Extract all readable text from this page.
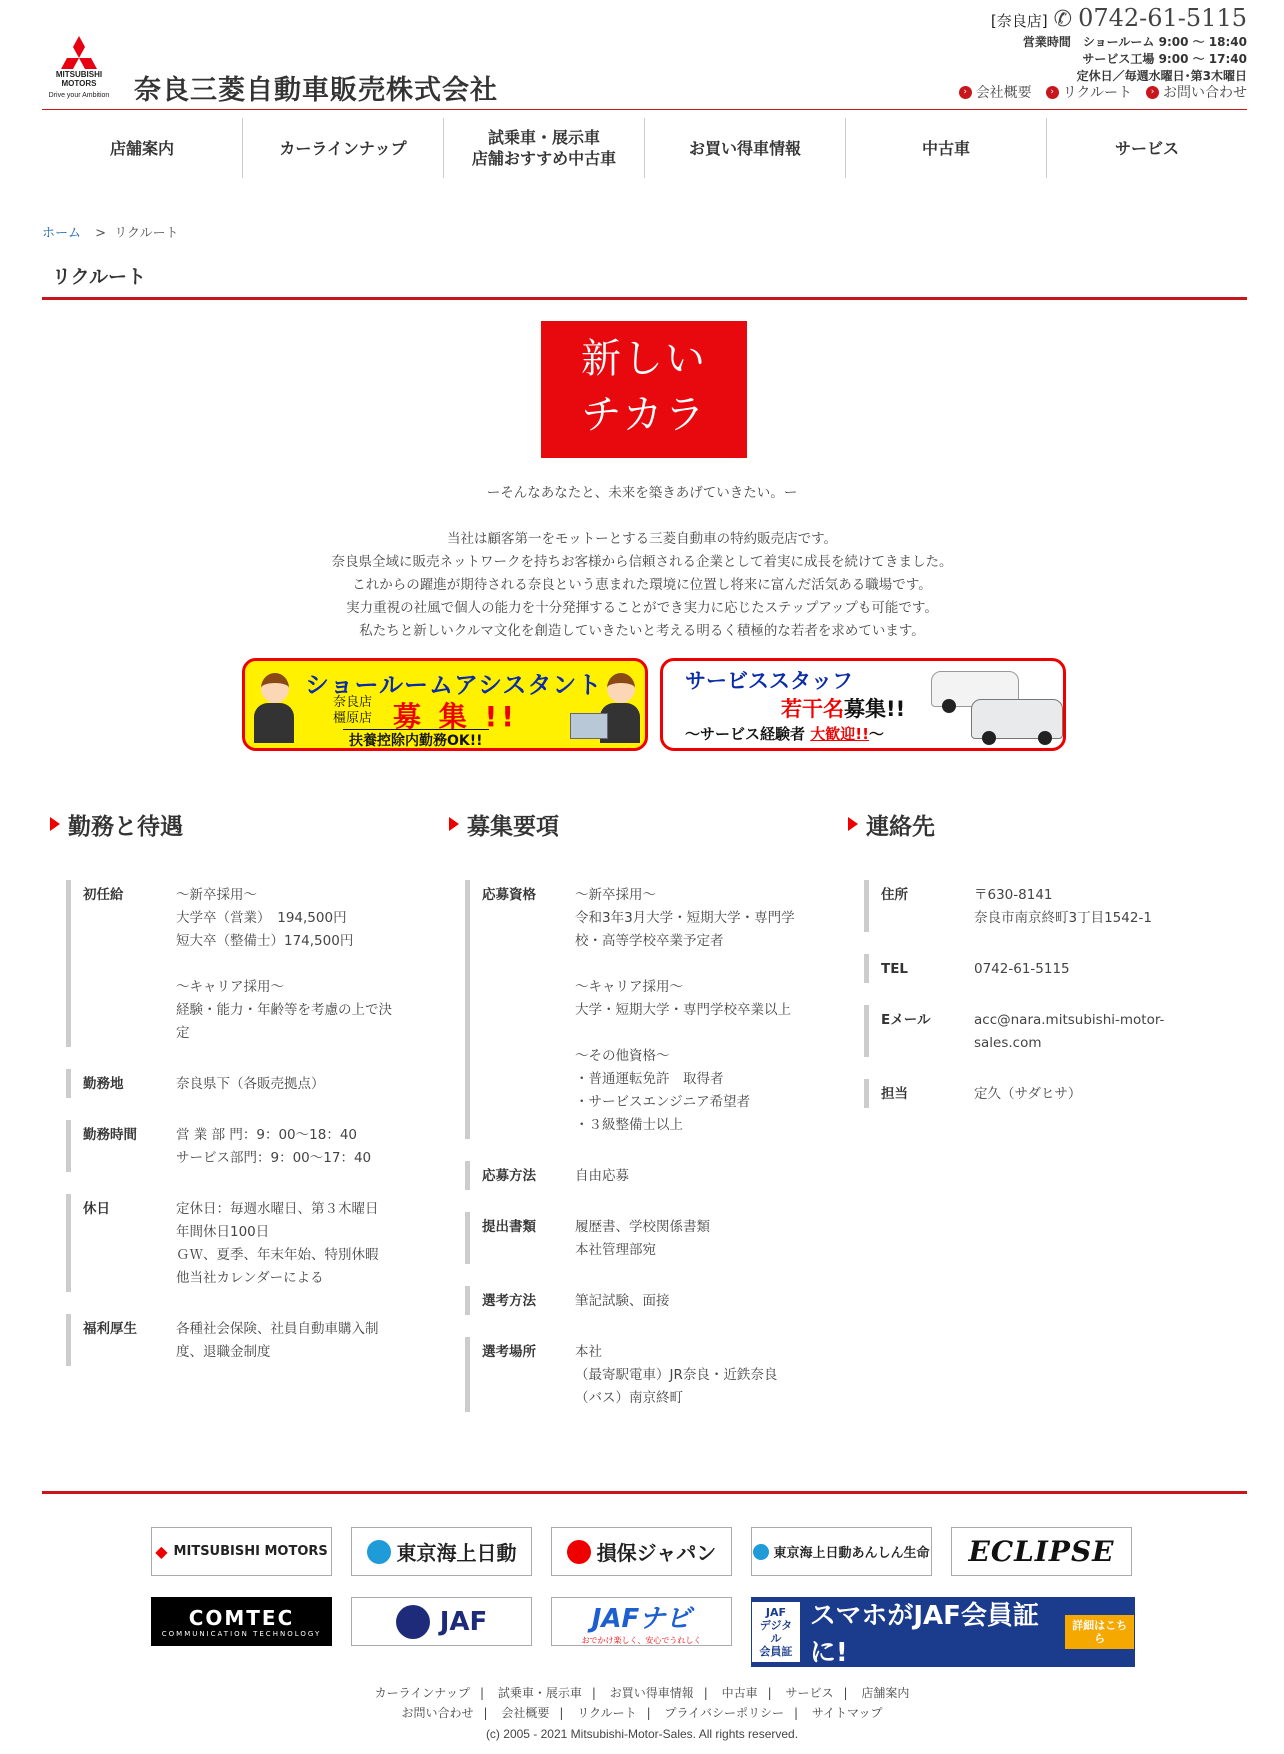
MITSUBISHI MOTORS
Drive your Ambition 奈良三菱自動車販売株式会社
[奈良店] ✆ 0742-61-5115
営業時間　ショールーム 9:00 ～ 18:40
サービス工場 9:00 ～ 17:40
定休日／毎週水曜日･第3木曜日
› 会社概要	› リクルート	› お問い合わせ
店舗案内	カーラインナップ
試乗車・展示車
店舗おすすめ中古車
お買い得車情報	中古車	サービス
ホーム > リクルート
リクルート
新しい
チカラ
ーそんなあなたと、未来を築きあげていきたい。ー
当社は顧客第一をモットーとする三菱自動車の特約販売店です。
奈良県全域に販売ネットワークを持ちお客様から信頼される企業として着実に成長を続けてきました。
これからの躍進が期待される奈良という恵まれた環境に位置し将来に富んだ活気ある職場です。
実力重視の社風で個人の能力を十分発揮することができ実力に応じたステップアップも可能です。
私たちと新しいクルマ文化を創造していきたいと考える明るく積極的な若者を求めています。
ショールームアシスタント
奈良店
橿原店 募 集 !!
扶養控除内勤務OK!!
サービススタッフ
若干名募集!!
～サービス経験者 大歓迎!!～
勤務と待遇
初任給	～新卒採用～
大学卒（営業）　194,500円
短大卒（整備士）174,500円

～キャリア採用～
経験・能力・年齢等を考慮の上で決
定
勤務地	奈良県下（各販売拠点）
勤務時間	営 業 部 門：9：00～18：40
サービス部門：9：00～17：40
休日	定休日：毎週水曜日、第３木曜日
年間休日100日
ＧＷ、夏季、年末年始、特別休暇
他当社カレンダーによる
福利厚生	各種社会保険、社員自動車購入制
度、退職金制度
募集要項
応募資格	～新卒採用～
令和3年3月大学・短期大学・専門学
校・高等学校卒業予定者

～キャリア採用～
大学・短期大学・専門学校卒業以上

～その他資格～
・普通運転免許　取得者
・サービスエンジニア希望者
・３級整備士以上
応募方法	自由応募
提出書類	履歴書、学校関係書類
本社管理部宛
選考方法	筆記試験、面接
選考場所	本社
（最寄駅電車）JR奈良・近鉄奈良
（バス）南京終町
連絡先
住所	〒630-8141
奈良市南京終町3丁目1542-1
TEL	0742-61-5115
Eメール	acc@nara.mitsubishi-motor-
sales.com
担当	定久（サダヒサ）
◆ MITSUBISHI MOTORS	東京海上日動	損保ジャパン	東京海上日動あんしん生命	ECLIPSE
COMTEC
COMMUNICATION TECHNOLOGY	JAF	JAFナビ
おでかけ楽しく、安心でうれしく
JAF
デジタル
会員証
スマホがJAF会員証に!
詳細はこちら
カーラインナップ | 試乗車・展示車 | お買い得車情報 | 中古車 | サービス | 店舗案内
お問い合わせ | 会社概要 | リクルート | プライバシーポリシー | サイトマップ
(c) 2005 - 2021 Mitsubishi-Motor-Sales. All rights reserved.
